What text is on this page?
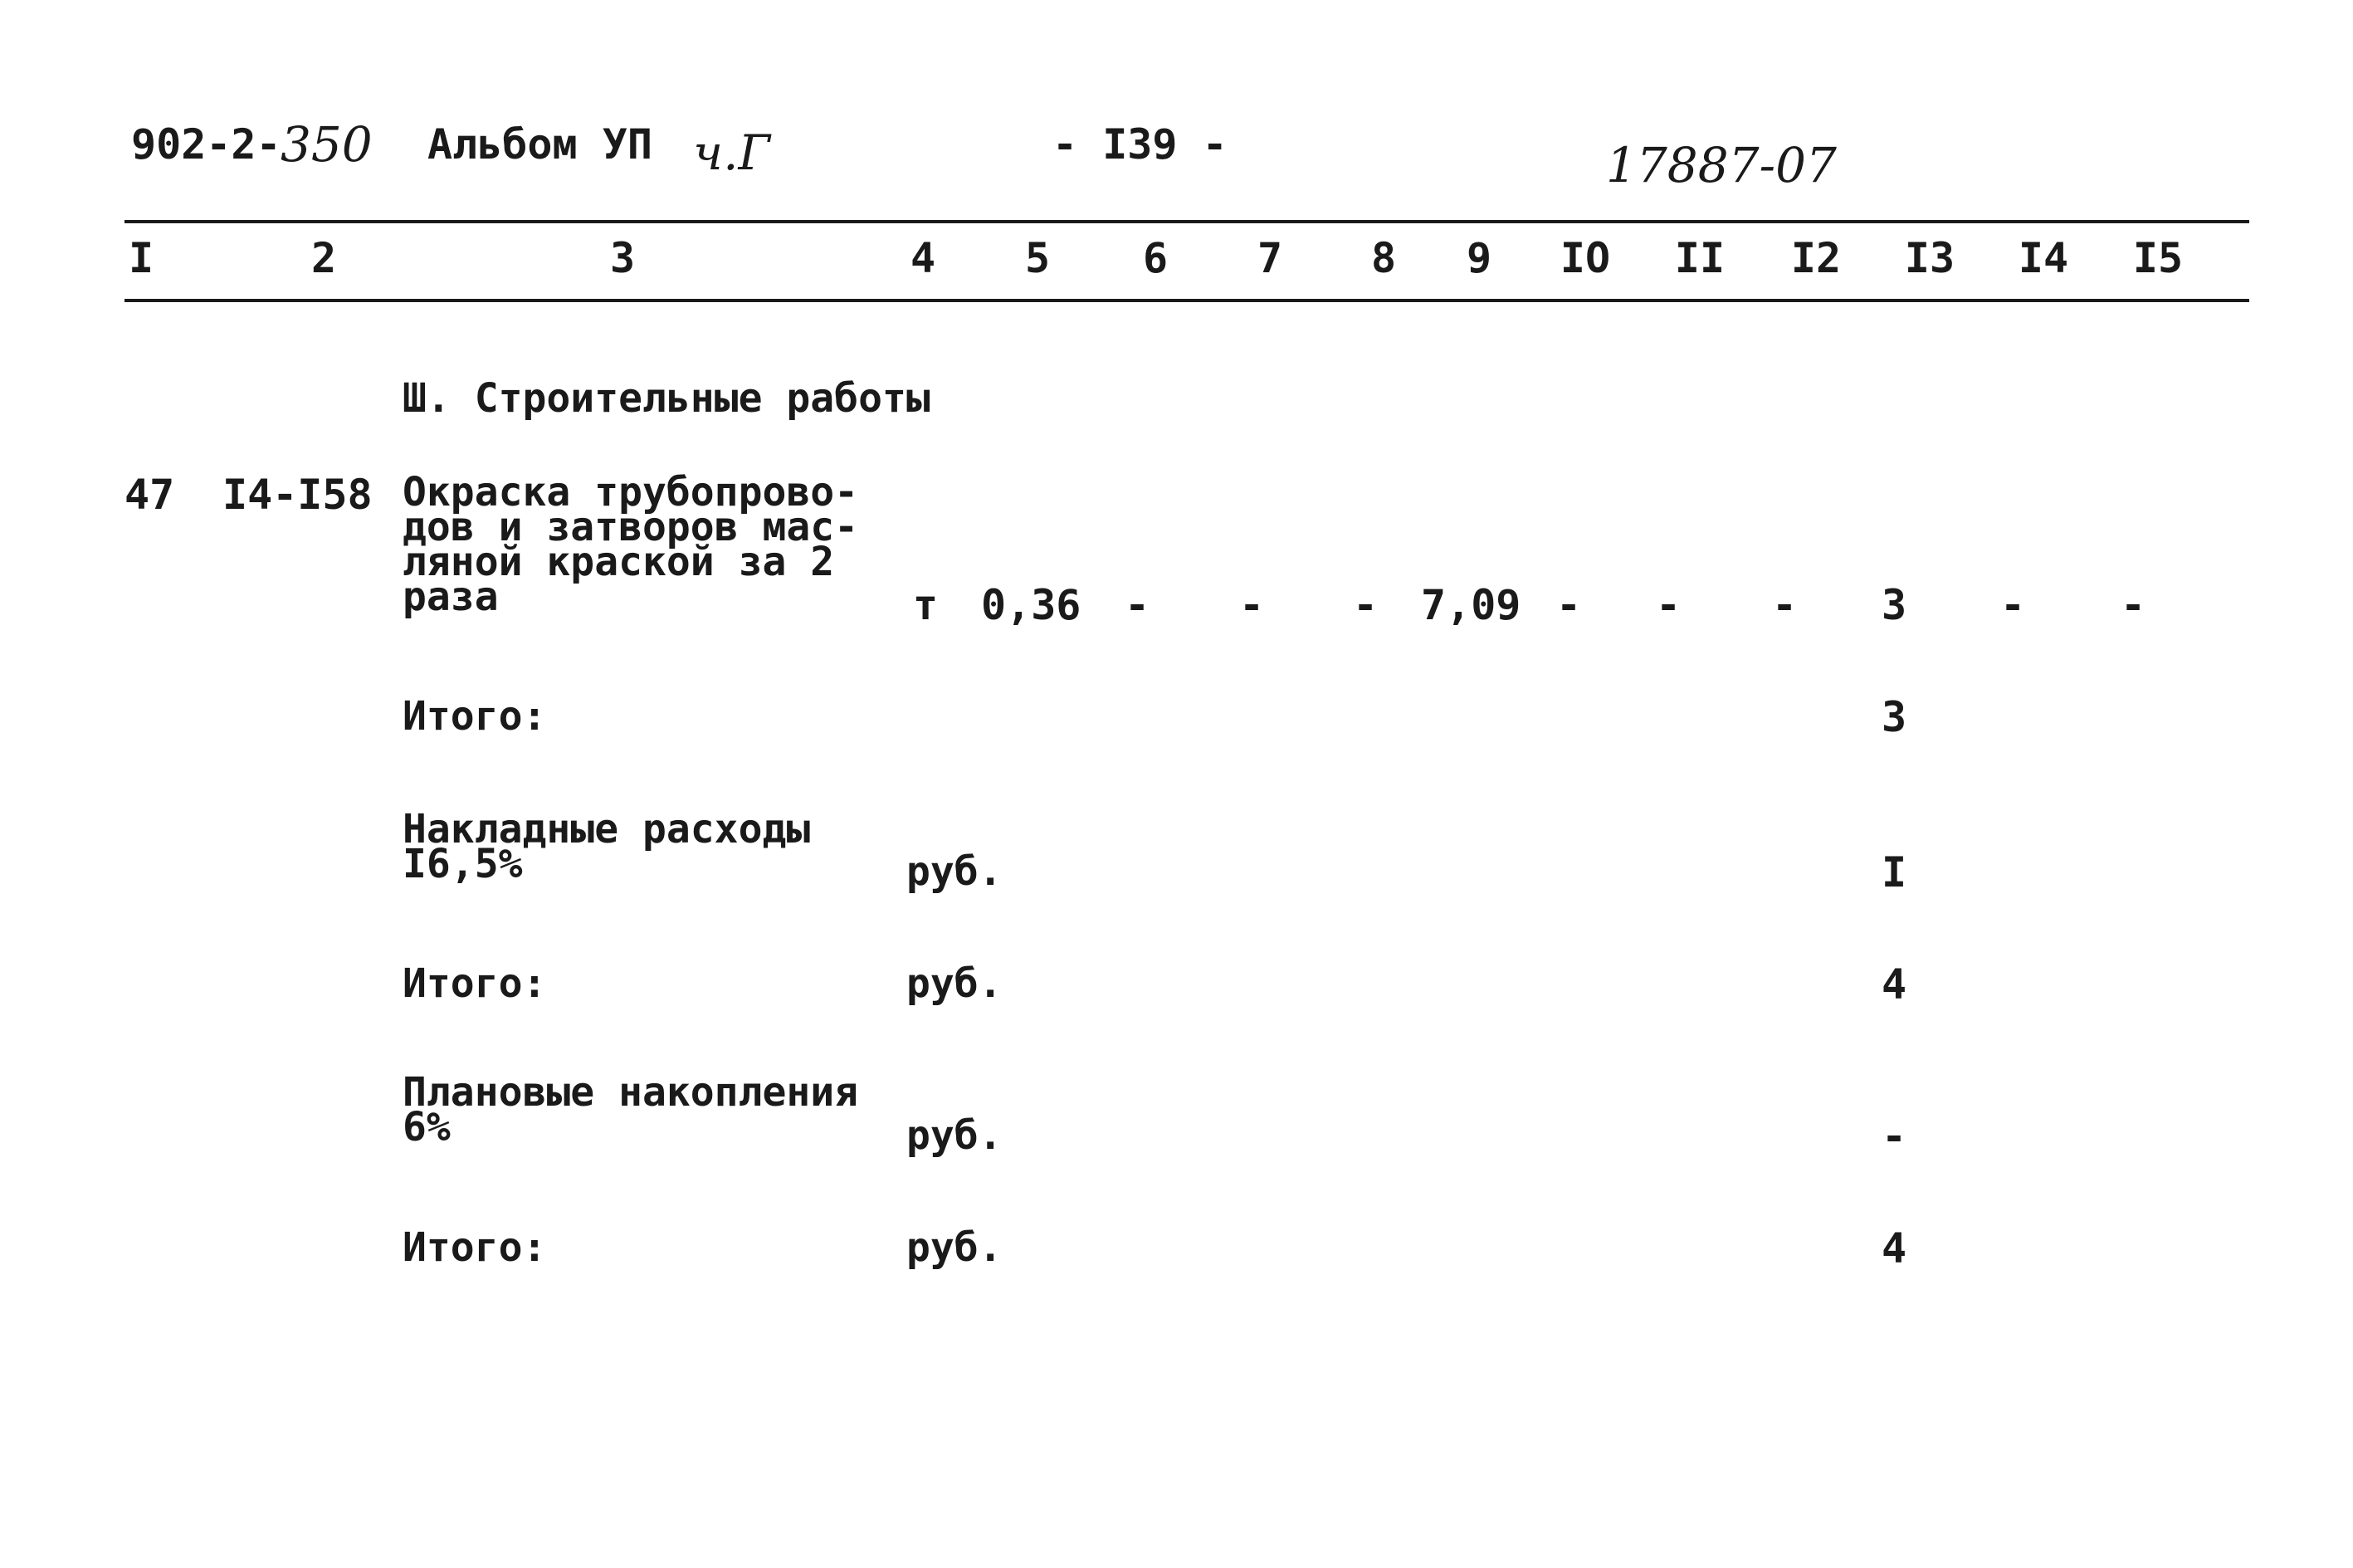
902-2- 350 Альбом УП ч.Г	- I39 -	17887-07
I	2	3	4	5	6	7	8	9	IO II I2 I3 I4 I5
Ш. Строительные работы
47 I4-I58 Окраска трубопрово-
дов и затворов мас-
ляной краской за 2
раза	т 0,36 - - - 7,09 - - -	3	- -
Итого:	3
Накладные расходы
I6,5%	руб.	I
Итого:	руб.	4
Плановые накопления
6%	руб.	-
Итого:	руб.	4
